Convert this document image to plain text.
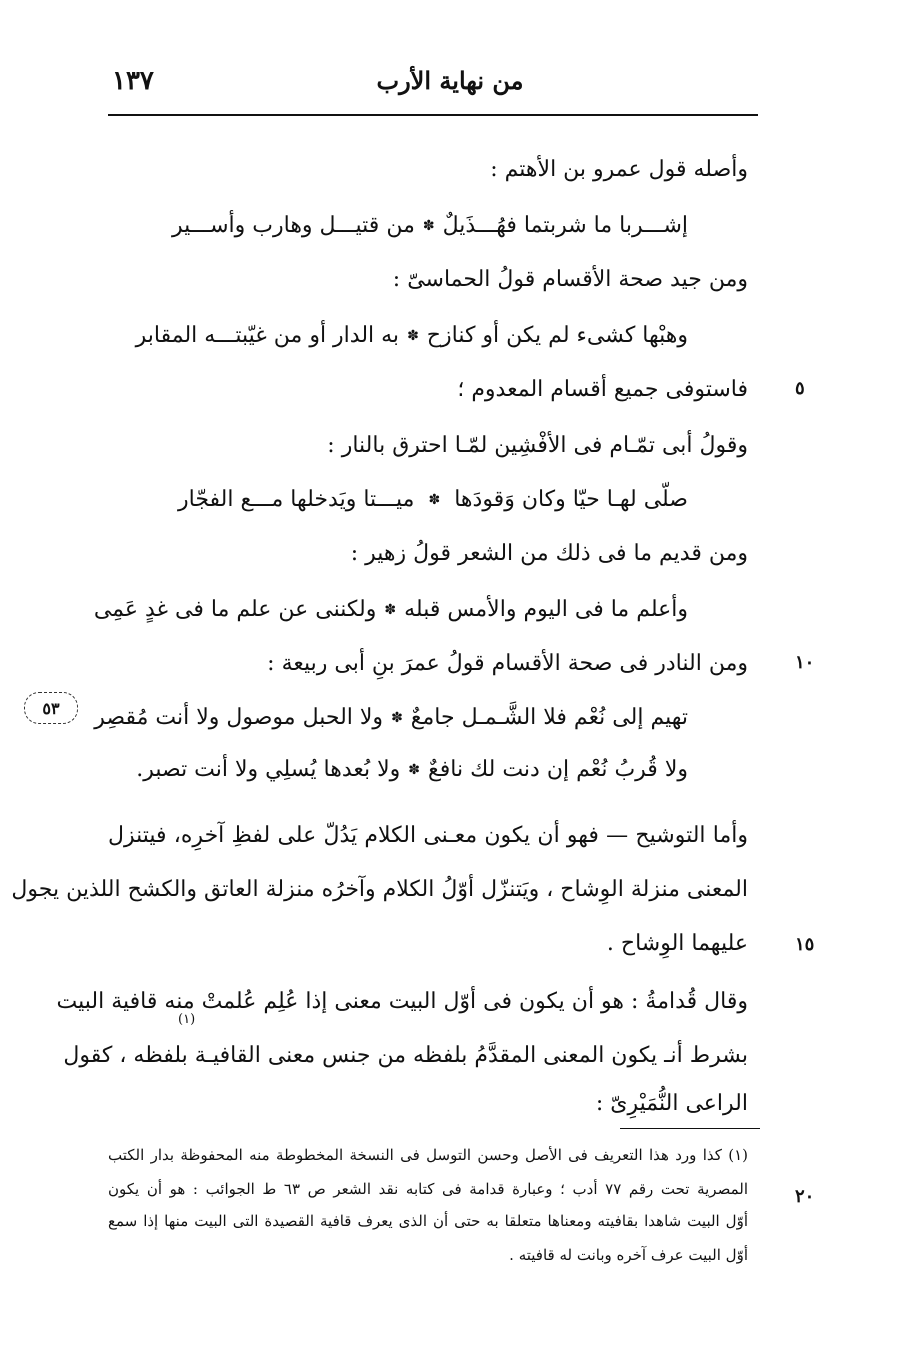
من نهاية الأرب
١٣٧
٥٣
وأصله قول عمرو بن الأهتم :
إشـــربا ما شربتما فهُـــذَيلٌ
✽
من قتيـــل وهارب وأســـير
ومن جيد صحة الأقسام قولُ الحماسىّ :
وهبْها كشىء لم يكن أو كنازح
✽
به الدار أو من غيّبتـــه المقابر
فاستوفى جميع أقسام المعدوم ؛
وقولُ أبى تمّـام فى الأفْشِين لمّـا احترق بالنار :
صلّى لهـا حيّا وكان وَقودَها
✽
ميـــتا ويَدخلها مـــع الفجّار
ومن قديم ما فى ذلك من الشعر قولُ زهير :
وأعلم ما فى اليوم والأمس قبله
✽
ولكننى عن علم ما فى غدٍ عَمِى
ومن النادر فى صحة الأقسام قولُ عمرَ بنِ أبى ربيعة :
تهيم إلى نُعْم فلا الشَّـمـل جامعٌ
✽
ولا الحبل موصول ولا أنت مُقصِر
ولا قُربُ نُعْم إن دنت لك نافعٌ
✽
ولا بُعدها يُسلِي ولا أنت تصبر.
وأما التوشيح — فهو أن يكون معـنى الكلام يَدُلّ على لفظِ آخرِه، فيتنزل
المعنى منزلة الوِشاح ، ويَتنزّل أوّلُ الكلام وآخرُه منزلة العاتق والكشح اللذين يجول
عليهما الوِشاح .
وقال قُدامةُ : هو أن يكون فى أوّل البيت معنى إذا عُلِم عُلمتْ منه قافية البيت
(١)
بشرط أنـ يكون المعنى المقدَّمُ بلفظه من جنس معنى القافيـة بلفظه ، كقول
الراعى النُّمَيْرِىّ :
٥
١٠
١٥
٢٠
(١) كذا ورد هذا التعريف فى الأصل وحسن التوسل فى النسخة المخطوطة منه المحفوظة بدار الكتب
المصرية تحت رقم ٧٧ أدب ؛ وعبارة قدامة فى كتابه نقد الشعر ص ٦٣ ط الجوائب : هو أن يكون
أوّل البيت شاهدا بقافيته ومعناها متعلقا به حتى أن الذى يعرف قافية القصيدة التى البيت منها إذا سمع
أوّل البيت عرف آخره وبانت له قافيته .
